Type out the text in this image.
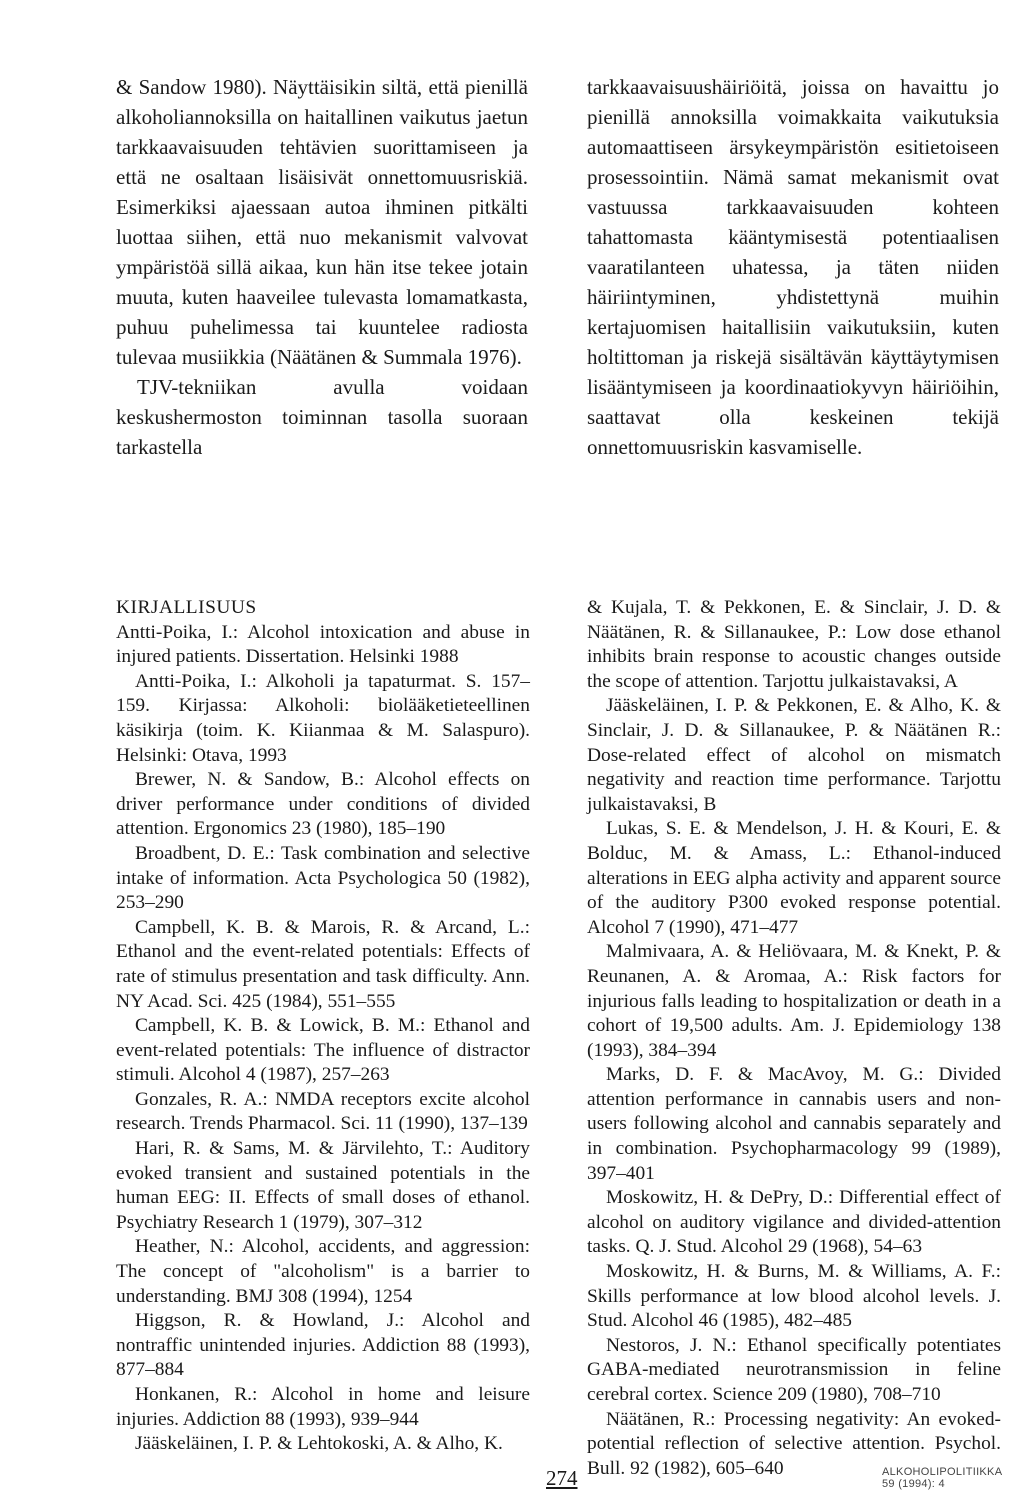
& Sandow 1980). Näyttäisikin siltä, että pienillä alkoholiannoksilla on haitallinen vaikutus jaetun tarkkaavaisuuden tehtävien suorittamiseen ja että ne osaltaan lisäisivät onnettomuusriskiä. Esimerkiksi ajaessaan autoa ihminen pitkälti luottaa siihen, että nuo mekanismit valvovat ympäristöä sillä aikaa, kun hän itse tekee jotain muuta, kuten haaveilee tulevasta lomamatkasta, puhuu puhelimessa tai kuuntelee radiosta tulevaa musiikkia (Näätänen & Summala 1976).

TJV-tekniikan avulla voidaan keskushermoston toiminnan tasolla suoraan tarkastella

tarkkaavaisuushäiriöitä, joissa on havaittu jo pienillä annoksilla voimakkaita vaikutuksia automaattiseen ärsykeympäristön esitietoiseen prosessointiin. Nämä samat mekanismit ovat vastuussa tarkkaavaisuuden kohteen tahattomasta kääntymisestä potentiaalisen vaaratilanteen uhatessa, ja täten niiden häiriintyminen, yhdistettynä muihin kertajuomisen haitallisiin vaikutuksiin, kuten holtittoman ja riskejä sisältävän käyttäytymisen lisääntymiseen ja koordinaatiokyvyn häiriöihin, saattavat olla keskeinen tekijä onnettomuusriskin kasvamiselle.

KIRJALLISUUS

Antti-Poika, I.: Alcohol intoxication and abuse in injured patients. Dissertation. Helsinki 1988

Antti-Poika, I.: Alkoholi ja tapaturmat. S. 157–159. Kirjassa: Alkoholi: biolääketieteellinen käsikirja (toim. K. Kiianmaa & M. Salaspuro). Helsinki: Otava, 1993

Brewer, N. & Sandow, B.: Alcohol effects on driver performance under conditions of divided attention. Ergonomics 23 (1980), 185–190

Broadbent, D. E.: Task combination and selective intake of information. Acta Psychologica 50 (1982), 253–290

Campbell, K. B. & Marois, R. & Arcand, L.: Ethanol and the event-related potentials: Effects of rate of stimulus presentation and task difficulty. Ann. NY Acad. Sci. 425 (1984), 551–555

Campbell, K. B. & Lowick, B. M.: Ethanol and event-related potentials: The influence of distractor stimuli. Alcohol 4 (1987), 257–263

Gonzales, R. A.: NMDA receptors excite alcohol research. Trends Pharmacol. Sci. 11 (1990), 137–139

Hari, R. & Sams, M. & Järvilehto, T.: Auditory evoked transient and sustained potentials in the human EEG: II. Effects of small doses of ethanol. Psychiatry Research 1 (1979), 307–312

Heather, N.: Alcohol, accidents, and aggression: The concept of "alcoholism" is a barrier to understanding. BMJ 308 (1994), 1254

Higgson, R. & Howland, J.: Alcohol and nontraffic unintended injuries. Addiction 88 (1993), 877–884

Honkanen, R.: Alcohol in home and leisure injuries. Addiction 88 (1993), 939–944

Jääskeläinen, I. P. & Lehtokoski, A. & Alho, K.

& Kujala, T. & Pekkonen, E. & Sinclair, J. D. & Näätänen, R. & Sillanaukee, P.: Low dose ethanol inhibits brain response to acoustic changes outside the scope of attention. Tarjottu julkaistavaksi, A

Jääskeläinen, I. P. & Pekkonen, E. & Alho, K. & Sinclair, J. D. & Sillanaukee, P. & Näätänen R.: Dose-related effect of alcohol on mismatch negativity and reaction time performance. Tarjottu julkaistavaksi, B

Lukas, S. E. & Mendelson, J. H. & Kouri, E. & Bolduc, M. & Amass, L.: Ethanol-induced alterations in EEG alpha activity and apparent source of the auditory P300 evoked response potential. Alcohol 7 (1990), 471–477

Malmivaara, A. & Heliövaara, M. & Knekt, P. & Reunanen, A. & Aromaa, A.: Risk factors for injurious falls leading to hospitalization or death in a cohort of 19,500 adults. Am. J. Epidemiology 138 (1993), 384–394

Marks, D. F. & MacAvoy, M. G.: Divided attention performance in cannabis users and non-users following alcohol and cannabis separately and in combination. Psychopharmacology 99 (1989), 397–401

Moskowitz, H. & DePry, D.: Differential effect of alcohol on auditory vigilance and divided-attention tasks. Q. J. Stud. Alcohol 29 (1968), 54–63

Moskowitz, H. & Burns, M. & Williams, A. F.: Skills performance at low blood alcohol levels. J. Stud. Alcohol 46 (1985), 482–485

Nestoros, J. N.: Ethanol specifically potentiates GABA-mediated neurotransmission in feline cerebral cortex. Science 209 (1980), 708–710

Näätänen, R.: Processing negativity: An evoked-potential reflection of selective attention. Psychol. Bull. 92 (1982), 605–640

274	ALKOHOLIPOLITIIKKA
59 (1994): 4
